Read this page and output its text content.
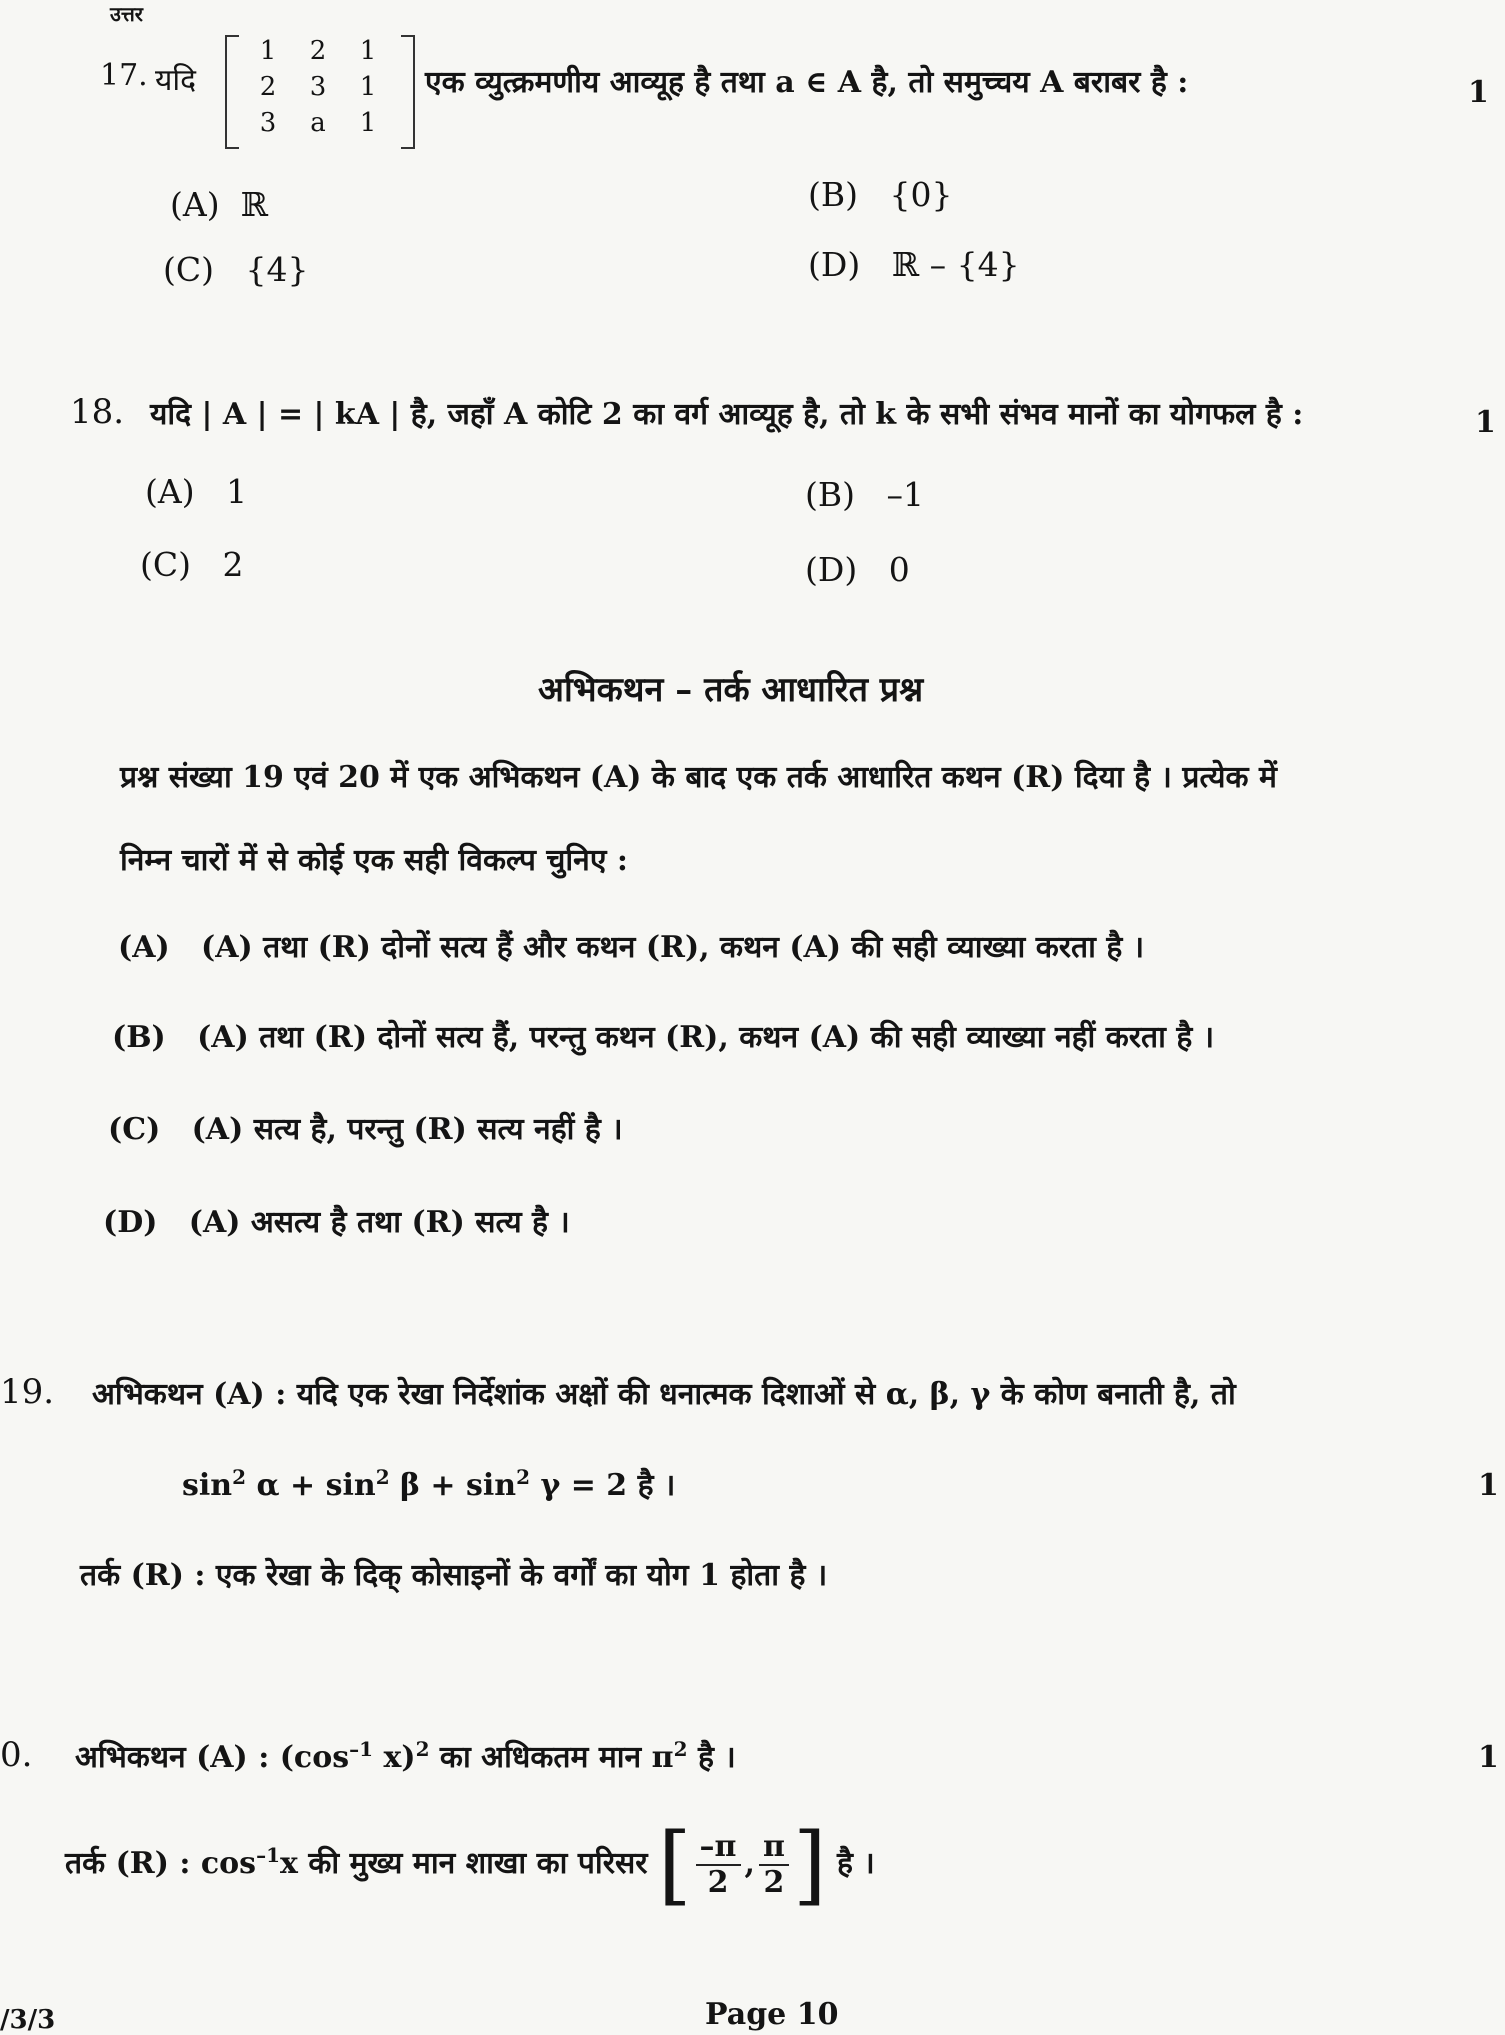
उत्तर
17. यदि
1	2	1
2	3	1
3	a	1
एक व्युत्क्रमणीय आव्यूह है तथा a ∈ A है, तो समुच्चय A बराबर है :	1
(A) ℝ	(B) {0}
(C) {4}	(D) ℝ – {4}
18. यदि | A | = | kA | है, जहाँ A कोटि 2 का वर्ग आव्यूह है, तो k के सभी संभव मानों का योगफल है :	1
(A) 1	(B) –1
(C) 2	(D) 0
अभिकथन – तर्क आधारित प्रश्न
प्रश्न संख्या 19 एवं 20 में एक अभिकथन (A) के बाद एक तर्क आधारित कथन (R) दिया है । प्रत्येक में
निम्न चारों में से कोई एक सही विकल्प चुनिए :
(A) (A) तथा (R) दोनों सत्य हैं और कथन (R), कथन (A) की सही व्याख्या करता है ।
(B) (A) तथा (R) दोनों सत्य हैं, परन्तु कथन (R), कथन (A) की सही व्याख्या नहीं करता है ।
(C) (A) सत्य है, परन्तु (R) सत्य नहीं है ।
(D) (A) असत्य है तथा (R) सत्य है ।
19. अभिकथन (A) : यदि एक रेखा निर्देशांक अक्षों की धनात्मक दिशाओं से α, β, γ के कोण बनाती है, तो
$\sin^2 \alpha + \sin^2 \beta + \sin^2 \gamma = 2$ है ।	1
तर्क (R) : एक रेखा के दिक् कोसाइनों के वर्गों का योग 1 होता है ।
0. अभिकथन (A) : ($\cos^{-1}$ x)$^2$ का अधिकतम मान $\pi^2$ है ।	1
तर्क (R) : $\cos^{-1}x$ की मुख्य मान शाखा का परिसर [ $\frac{-\pi}{2}$ , $\frac{\pi}{2}$ ] है ।
/3/3	Page 10
